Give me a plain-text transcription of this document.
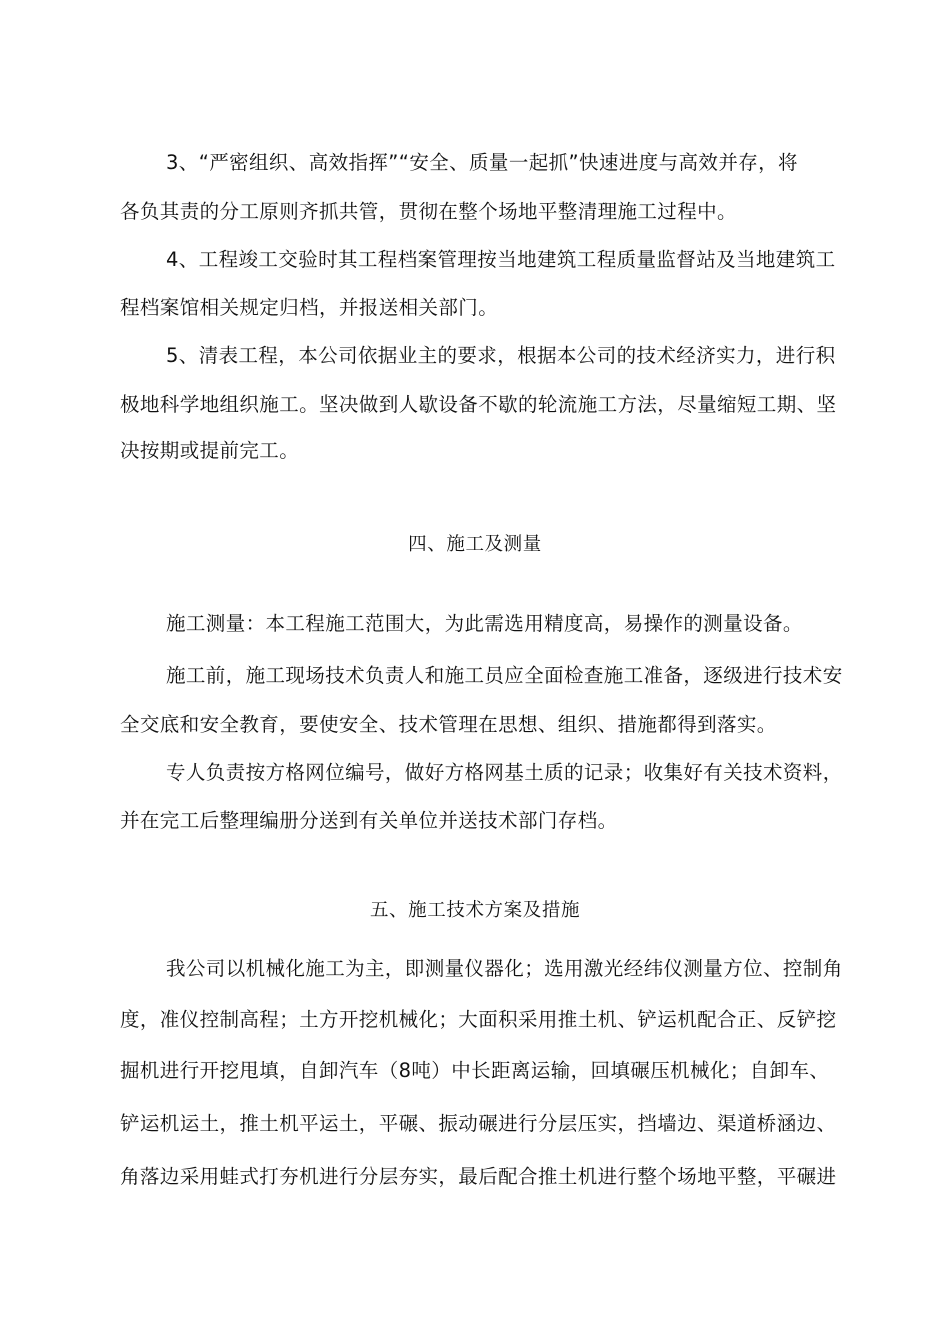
3、“严密组织、高效指挥”“安全、质量一起抓”快速进度与高效并存，将
各负其责的分工原则齐抓共管，贯彻在整个场地平整清理施工过程中。
4、工程竣工交验时其工程档案管理按当地建筑工程质量监督站及当地建筑工
程档案馆相关规定归档，并报送相关部门。
5、清表工程，本公司依据业主的要求，根据本公司的技术经济实力，进行积
极地科学地组织施工。坚决做到人歇设备不歇的轮流施工方法，尽量缩短工期、坚
决按期或提前完工。
四、施工及测量
施工测量：本工程施工范围大，为此需选用精度高，易操作的测量设备。
施工前，施工现场技术负责人和施工员应全面检查施工准备，逐级进行技术安
全交底和安全教育，要使安全、技术管理在思想、组织、措施都得到落实。
专人负责按方格网位编号，做好方格网基土质的记录；收集好有关技术资料，
并在完工后整理编册分送到有关单位并送技术部门存档。
五、施工技术方案及措施
我公司以机械化施工为主，即测量仪器化；选用激光经纬仪测量方位、控制角
度，准仪控制高程；土方开挖机械化；大面积采用推土机、铲运机配合正、反铲挖
掘机进行开挖甩填，自卸汽车（8吨）中长距离运输，回填碾压机械化；自卸车、
铲运机运土，推土机平运土，平碾、振动碾进行分层压实，挡墙边、渠道桥涵边、
角落边采用蛙式打夯机进行分层夯实，最后配合推土机进行整个场地平整，平碾进
